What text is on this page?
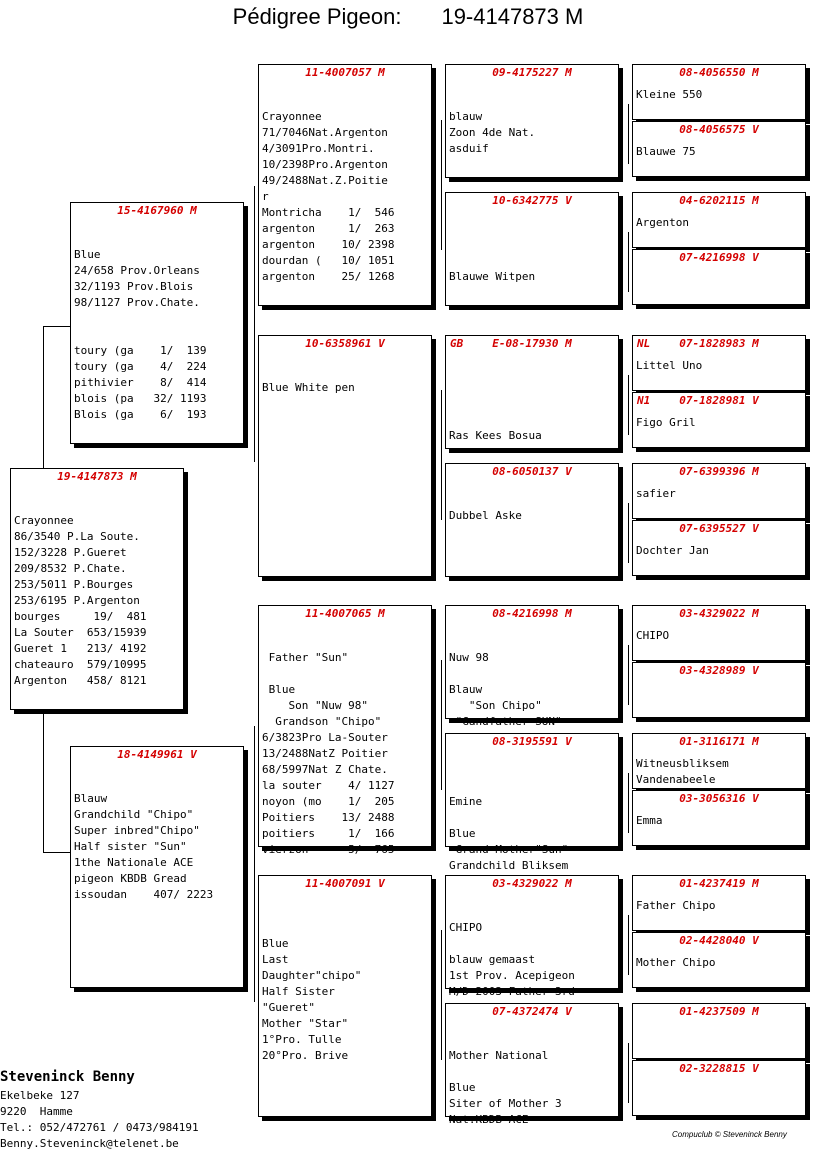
Pédigree Pigeon: 19-4147873 M
19-4147873 M
Crayonnee
86/3540 P.La Soute.
152/3228 P.Gueret
209/8532 P.Chate.
253/5011 P.Bourges
253/6195 P.Argenton
bourges     19/  481
La Souter  653/15939
Gueret 1   213/ 4192
chateauro  579/10995
Argenton   458/ 8121
15-4167960 M
Blue
24/658 Prov.Orleans
32/1193 Prov.Blois
98/1127 Prov.Chate.
toury (ga    1/  139
toury (ga    4/  224
pithivier    8/  414
blois (pa   32/ 1193
Blois (ga    6/  193
18-4149961 V
Blauw
Grandchild "Chipo"
Super inbred"Chipo"
Half sister "Sun"
1the Nationale ACE
pigeon KBDB Gread
issoudan    407/ 2223
11-4007057 M
Crayonnee
71/7046Nat.Argenton
4/3091Pro.Montri.
10/2398Pro.Argenton
49/2488Nat.Z.Poitie
r
Montricha    1/  546
argenton     1/  263
argenton    10/ 2398
dourdan (   10/ 1051
argenton    25/ 1268
10-6358961 V
Blue White pen
11-4007065 M
Father "Sun"
Blue
Son "Nuw 98"
Grandson "Chipo"
6/3823Pro La-Souter
13/2488NatZ Poitier
68/5997Nat Z Chate.
la souter    4/ 1127
noyon (mo    1/  205
Poitiers    13/ 2488
poitiers     1/  166
vierzon      5/  765
11-4007091 V
Blue
Last
Daughter"chipo"
Half Sister
"Gueret"
Mother "Star"
1°Pro. Tulle
20°Pro. Brive
09-4175227 M
blauw
Zoon 4de Nat.
asduif
10-6342775 V
Blauwe Witpen
E-08-17930 M
GB
Ras Kees Bosua
08-6050137 V
Dubbel Aske
08-4216998 M
Nuw 98
Blauw
"Son Chipo"
"Gandfather SUN"
08-3195591 V
Emine
Blue
Grand Mother"Sun"
Grandchild Bliksem
03-4329022 M
CHIPO
blauw gemaast
1st Prov. Acepigeon
M/D 2003 Father 3rd
07-4372474 V
Mother National
Blue
Siter of Mother 3
Nat.KBDB ACE
08-4056550 M
Kleine 550
08-4056575 V
Blauwe 75
04-6202115 M
Argenton
07-4216998 V
07-1828983 M
NL
Littel Uno
07-1828981 V
N1
Figo Gril
07-6399396 M
safier
07-6395527 V
Dochter Jan
03-4329022 M
CHIPO
03-4328989 V
01-3116171 M
Witneusbliksem
Vandenabeele
03-3056316 V
Emma
01-4237419 M
Father Chipo
02-4428040 V
Mother Chipo
01-4237509 M
02-3228815 V

Steveninck Benny
Ekelbeke 127
9220  Hamme
Tel.: 052/472761 / 0473/984191
Benny.Steveninck@telenet.be
Compuclub © Steveninck Benny
